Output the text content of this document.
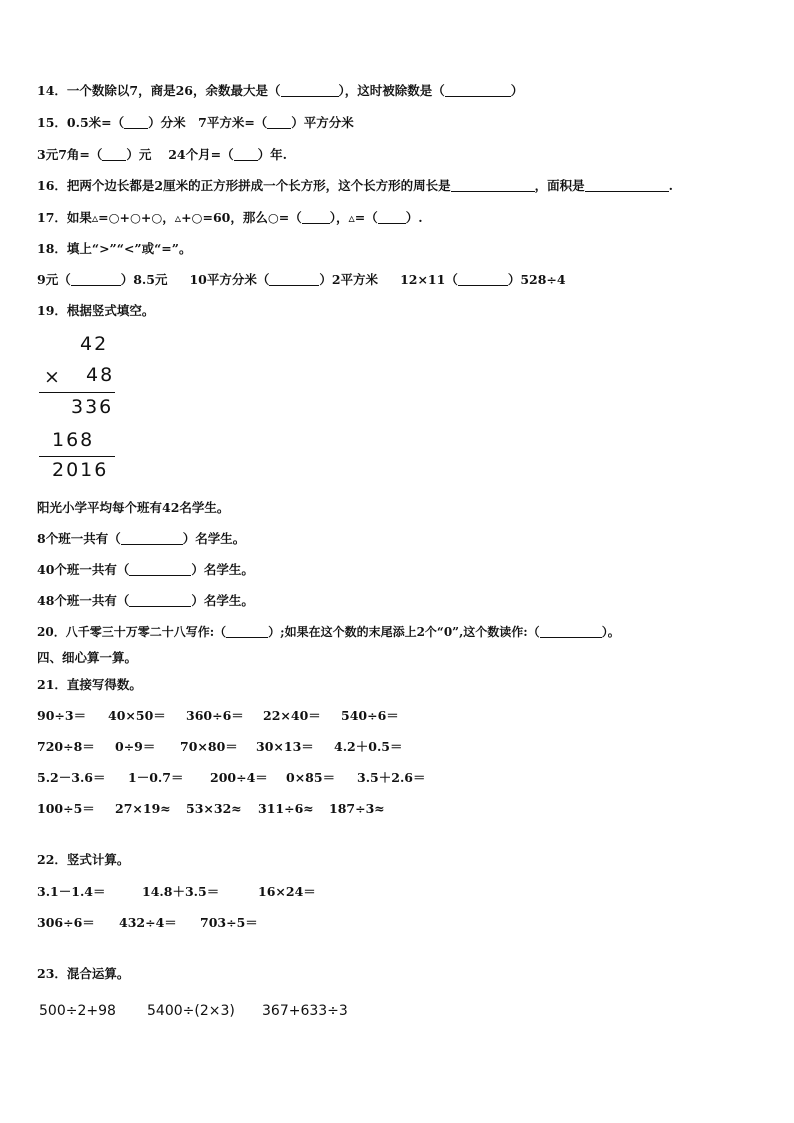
14．一个数除以7，商是26，余数最大是（	），这时被除数是（	）
15．0.5米=（ ）分米　7平方米=（ ）平方分米
3元7角=（ ）元　 24个月=（ ）年.
16．把两个边长都是2厘米的正方形拼成一个长方形，这个长方形的周长是	，面积是	.
17．如果▵=○+○+○，▵+○=60，那么○=（ ），▵=（ ）.
18．填上“>”“<”或“=”。
9元（	）8.5元 10平方分米（	）2平方米 12×11（	）528÷4
19．根据竖式填空。
42
× 48
336
168
2016
阳光小学平均每个班有42名学生。
8个班一共有（	）名学生。
40个班一共有（	）名学生。
48个班一共有（	）名学生。
20．八千零三十万零二十八写作:（	）;如果在这个数的末尾添上2个“0”,这个数读作:（	）。
四、细心算一算。
21．直接写得数。
90÷3＝ 40×50＝ 360÷6＝ 22×40＝ 540÷6＝
720÷8＝ 0÷9＝ 70×80＝ 30×13＝ 4.2＋0.5＝
5.2－3.6＝ 1－0.7＝ 200÷4＝ 0×85＝ 3.5＋2.6＝
100÷5＝ 27×19≈ 53×32≈ 311÷6≈ 187÷3≈
22．竖式计算。
3.1－1.4＝	14.8＋3.5＝	16×24＝
306÷6＝ 432÷4＝ 703÷5＝
23．混合运算。
500÷2+98 5400÷(2×3) 367+633÷3
